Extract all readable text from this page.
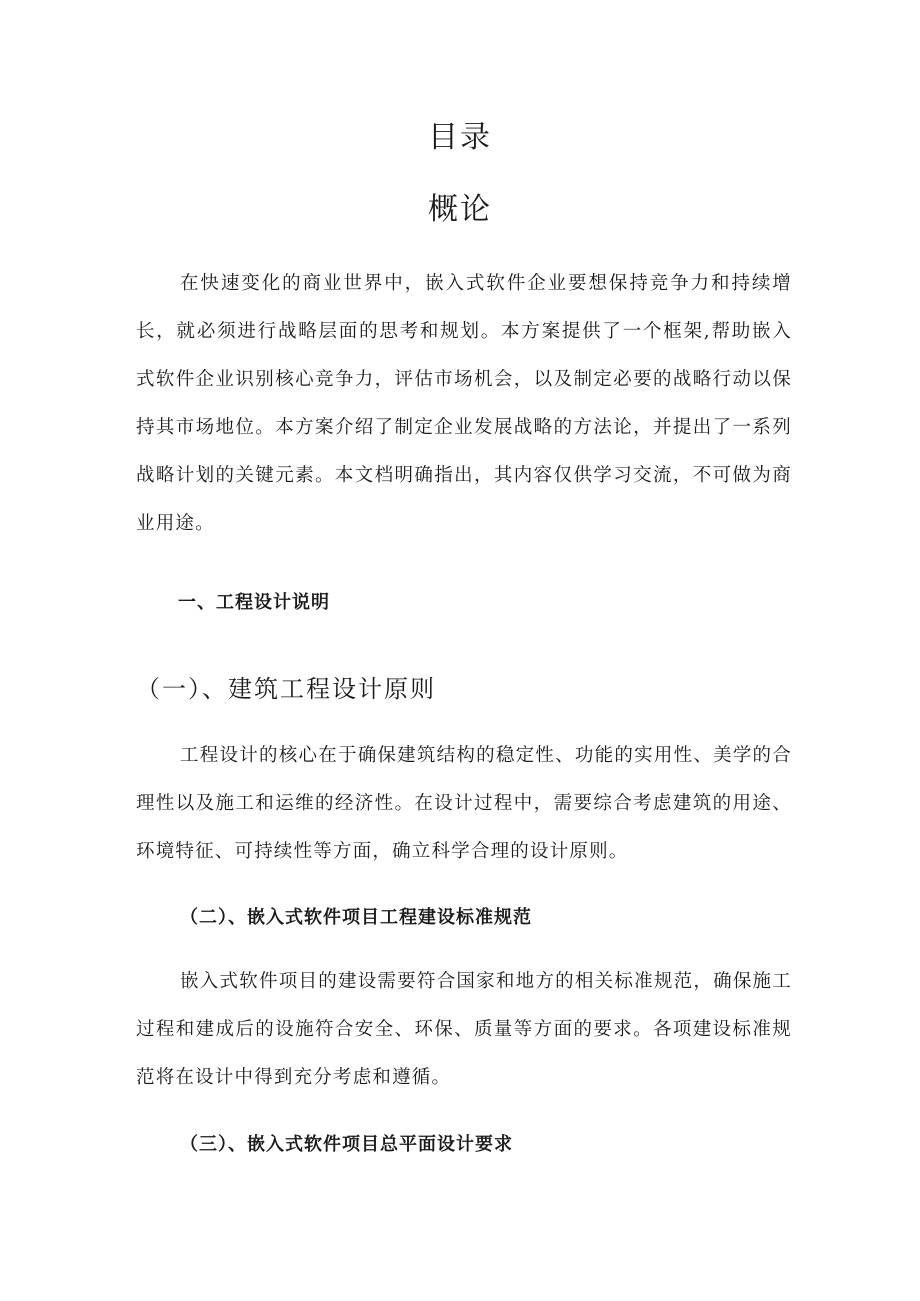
目录
概论

在快速变化的商业世界中，嵌入式软件企业要想保持竞争力和持续增长，就必须进行战略层面的思考和规划。本方案提供了一个框架,帮助嵌入式软件企业识别核心竞争力，评估市场机会，以及制定必要的战略行动以保持其市场地位。本方案介绍了制定企业发展战略的方法论，并提出了一系列战略计划的关键元素。本文档明确指出，其内容仅供学习交流，不可做为商业用途。

一、工程设计说明
（一）、建筑工程设计原则

工程设计的核心在于确保建筑结构的稳定性、功能的实用性、美学的合理性以及施工和运维的经济性。在设计过程中，需要综合考虑建筑的用途、环境特征、可持续性等方面，确立科学合理的设计原则。

（二）、嵌入式软件项目工程建设标准规范

嵌入式软件项目的建设需要符合国家和地方的相关标准规范，确保施工过程和建成后的设施符合安全、环保、质量等方面的要求。各项建设标准规范将在设计中得到充分考虑和遵循。

（三）、嵌入式软件项目总平面设计要求
